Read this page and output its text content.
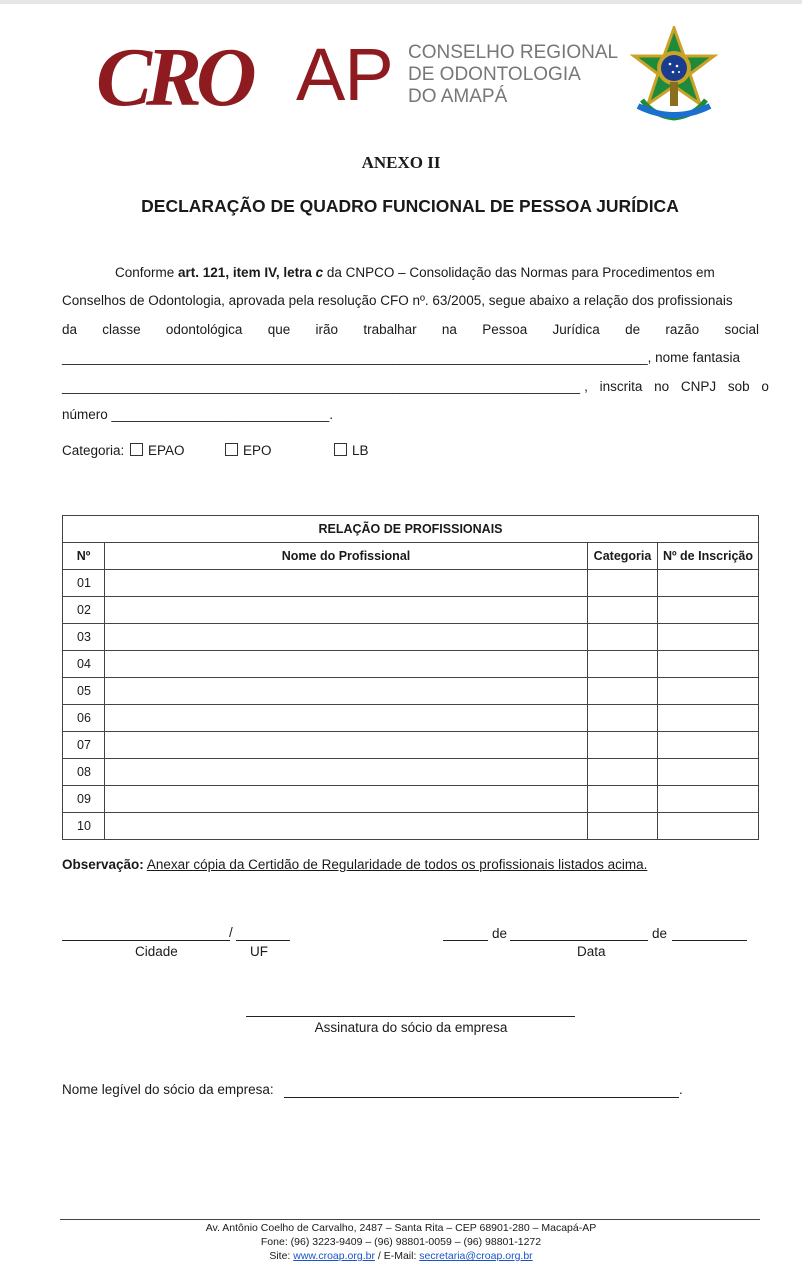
CRO AP CONSELHO REGIONAL
DE ODONTOLOGIA
DO AMAPÁ
ANEXO II
DECLARAÇÃO DE QUADRO FUNCIONAL DE PESSOA JURÍDICA
Conforme art. 121, item IV, letra c da CNPCO – Consolidação das Normas para Procedimentos em
Conselhos de Odontologia, aprovada pela resolução CFO nº. 63/2005, segue abaixo a relação dos profissionais
da classe odontológica que irão trabalhar na Pessoa Jurídica de razão social
______________________________________________________________________________, nome fantasia
_____________________________________________________________________ , inscrita no CNPJ sob o
número _____________________________.
Categoria:	EPAO	EPO	LB
RELAÇÃO DE PROFISSIONAIS			
Nº	Nome do Profissional	Categoria	Nº de Inscrição
01			
02			
03			
04			
05			
06			
07			
08			
09			
10			
Observação: Anexar cópia da Certidão de Regularidade de todos os profissionais listados acima.
/
Cidade	UF
de	de
Data
Assinatura do sócio da empresa
Nome legível do sócio da empresa:	.
Av. Antônio Coelho de Carvalho, 2487 – Santa Rita – CEP 68901-280 – Macapá-AP
Fone: (96) 3223-9409 – (96) 98801-0059 – (96) 98801-1272
Site: www.croap.org.br / E-Mail: secretaria@croap.org.br
